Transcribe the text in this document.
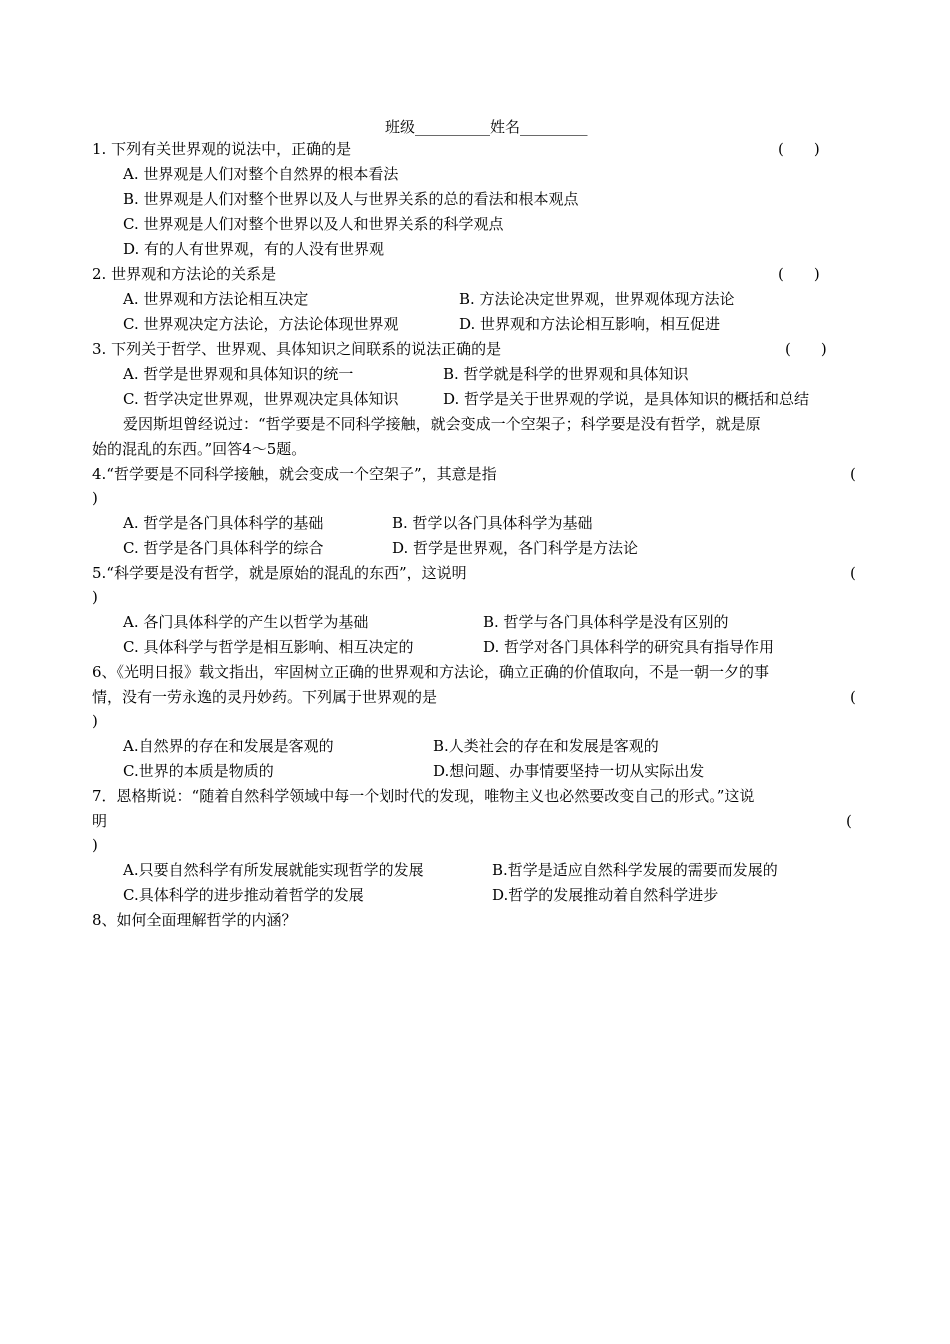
班级__________姓名_________
1. 下列有关世界观的说法中，正确的是	(　　)
A. 世界观是人们对整个自然界的根本看法
B. 世界观是人们对整个世界以及人与世界关系的总的看法和根本观点
C. 世界观是人们对整个世界以及人和世界关系的科学观点
D. 有的人有世界观，有的人没有世界观
2. 世界观和方法论的关系是	(　　)
A. 世界观和方法论相互决定	B. 方法论决定世界观，世界观体现方法论
C. 世界观决定方法论，方法论体现世界观	D. 世界观和方法论相互影响，相互促进
3. 下列关于哲学、世界观、具体知识之间联系的说法正确的是	(　　)
A. 哲学是世界观和具体知识的统一	B. 哲学就是科学的世界观和具体知识
C. 哲学决定世界观，世界观决定具体知识	D. 哲学是关于世界观的学说，是具体知识的概括和总结
爱因斯坦曾经说过：“哲学要是不同科学接触，就会变成一个空架子；科学要是没有哲学，就是原
始的混乱的东西。”回答4～5题。
4.“哲学要是不同科学接触，就会变成一个空架子”，其意是指	(
)
A. 哲学是各门具体科学的基础	B. 哲学以各门具体科学为基础
C. 哲学是各门具体科学的综合	D. 哲学是世界观，各门科学是方法论
5.“科学要是没有哲学，就是原始的混乱的东西”，这说明	(
)
A. 各门具体科学的产生以哲学为基础	B. 哲学与各门具体科学是没有区别的
C. 具体科学与哲学是相互影响、相互决定的	D. 哲学对各门具体科学的研究具有指导作用
6、《光明日报》载文指出，牢固树立正确的世界观和方法论，确立正确的价值取向，不是一朝一夕的事
情，没有一劳永逸的灵丹妙药。下列属于世界观的是	(
)
A.自然界的存在和发展是客观的	B.人类社会的存在和发展是客观的
C.世界的本质是物质的	D.想问题、办事情要坚持一切从实际出发
7．恩格斯说：“随着自然科学领域中每一个划时代的发现，唯物主义也必然要改变自己的形式。”这说
明	(
)
A.只要自然科学有所发展就能实现哲学的发展	B.哲学是适应自然科学发展的需要而发展的
C.具体科学的进步推动着哲学的发展	D.哲学的发展推动着自然科学进步
8、如何全面理解哲学的内涵？
